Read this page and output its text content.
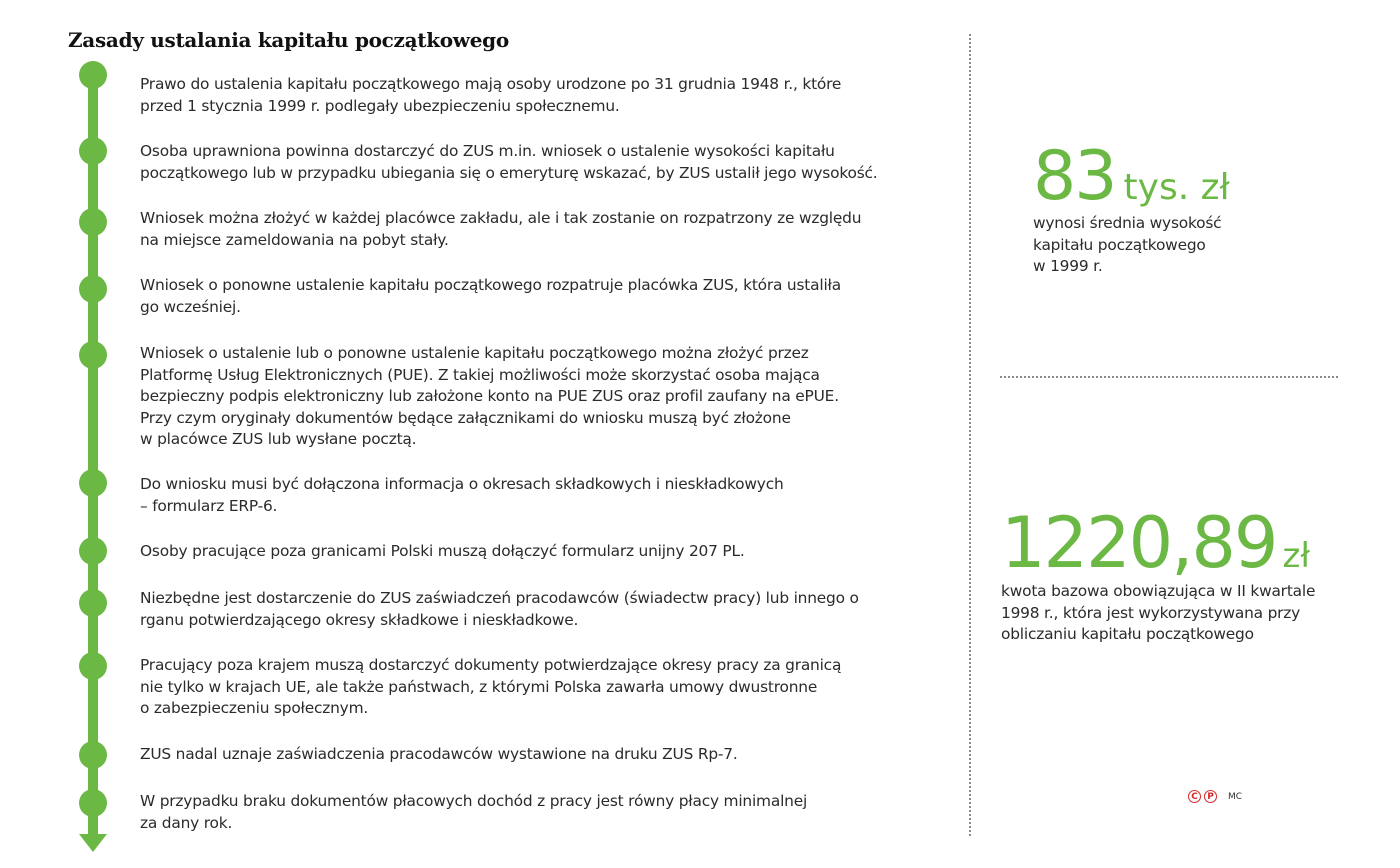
Zasady ustalania kapitału początkowego
Prawo do ustalenia kapitału początkowego mają osoby urodzone po 31 grudnia 1948 r., które
przed 1 stycznia 1999 r. podlegały ubezpieczeniu społecznemu.
Osoba uprawniona powinna dostarczyć do ZUS m.in. wniosek o ustalenie wysokości kapitału
początkowego lub w przypadku ubiegania się o emeryturę wskazać, by ZUS ustalił jego wysokość.
Wniosek można złożyć w każdej placówce zakładu, ale i tak zostanie on rozpatrzony ze względu
na miejsce zameldowania na pobyt stały.
Wniosek o ponowne ustalenie kapitału początkowego rozpatruje placówka ZUS, która ustaliła
go wcześniej.
Wniosek o ustalenie lub o ponowne ustalenie kapitału początkowego można złożyć przez
Platformę Usług Elektronicznych (PUE). Z takiej możliwości może skorzystać osoba mająca
bezpieczny podpis elektroniczny lub założone konto na PUE ZUS oraz profil zaufany na ePUE.
Przy czym oryginały dokumentów będące załącznikami do wniosku muszą być złożone
w placówce ZUS lub wysłane pocztą.
Do wniosku musi być dołączona informacja o okresach składkowych i nieskładkowych
– formularz ERP-6.
Osoby pracujące poza granicami Polski muszą dołączyć formularz unijny 207 PL.
Niezbędne jest dostarczenie do ZUS zaświadczeń pracodawców (świadectw pracy) lub innego o
rganu potwierdzającego okresy składkowe i nieskładkowe.
Pracujący poza krajem muszą dostarczyć dokumenty potwierdzające okresy pracy za granicą
nie tylko w krajach UE, ale także państwach, z którymi Polska zawarła umowy dwustronne
o zabezpieczeniu społecznym.
ZUS nadal uznaje zaświadczenia pracodawców wystawione na druku ZUS Rp-7.
W przypadku braku dokumentów płacowych dochód z pracy jest równy płacy minimalnej
za dany rok.
83 tys. zł
wynosi średnia wysokość
kapitału początkowego
w 1999 r.
1220,89 zł
kwota bazowa obowiązująca w II kwartale
1998 r., która jest wykorzystywana przy
obliczaniu kapitału początkowego
C	P	MC
